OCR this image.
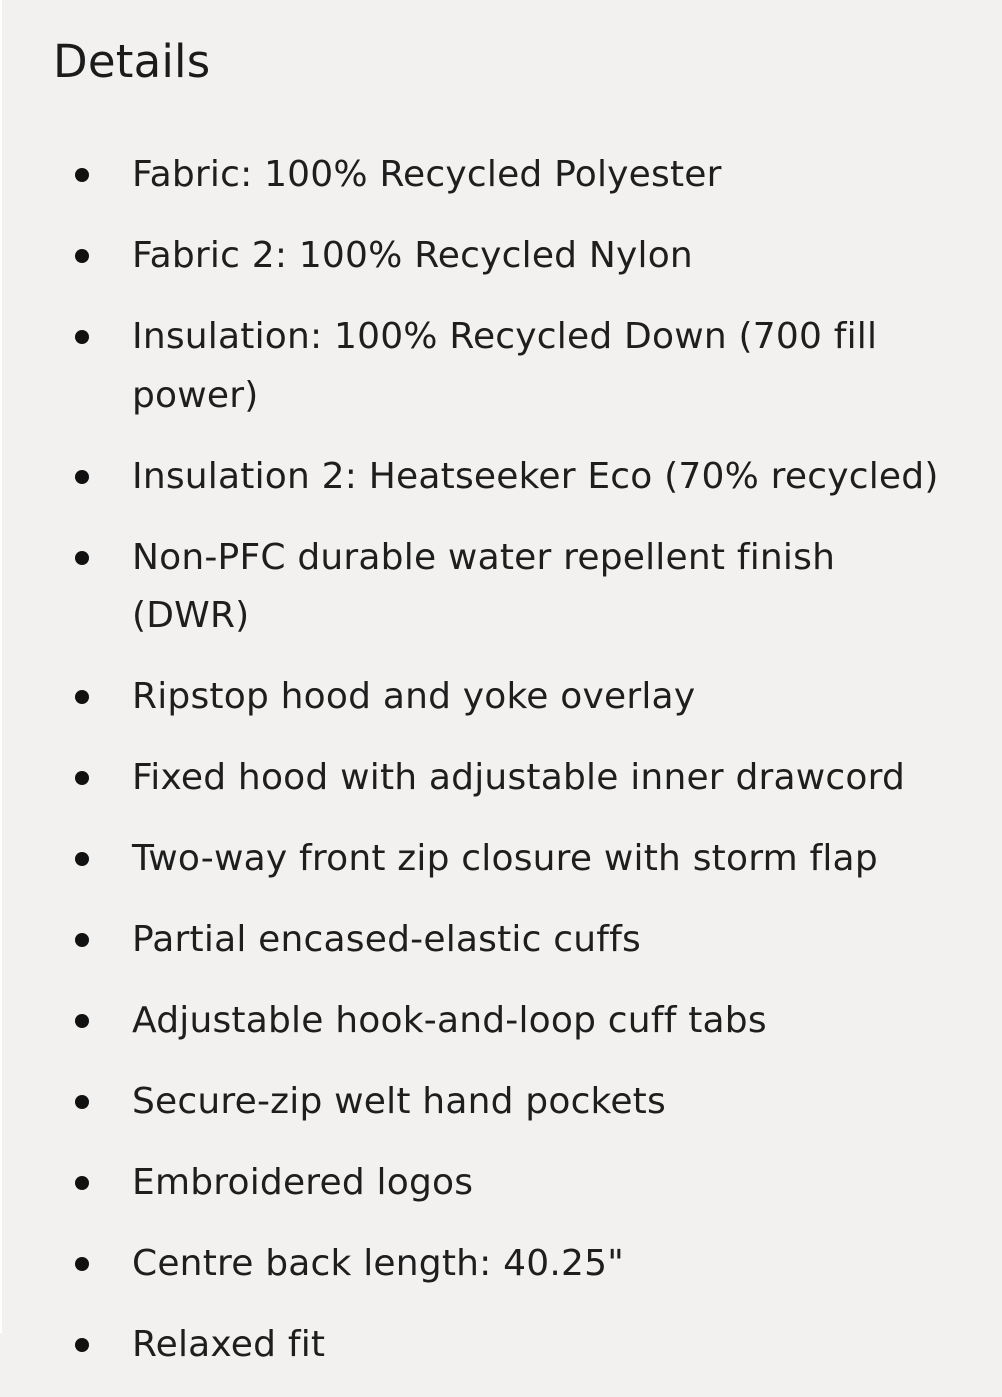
Details
Fabric: 100% Recycled Polyester
Fabric 2: 100% Recycled Nylon
Insulation: 100% Recycled Down (700 fill power)
Insulation 2: Heatseeker Eco (70% recycled)
Non-PFC durable water repellent finish (DWR)
Ripstop hood and yoke overlay
Fixed hood with adjustable inner drawcord
Two-way front zip closure with storm flap
Partial encased-elastic cuffs
Adjustable hook-and-loop cuff tabs
Secure-zip welt hand pockets
Embroidered logos
Centre back length: 40.25"
Relaxed fit
